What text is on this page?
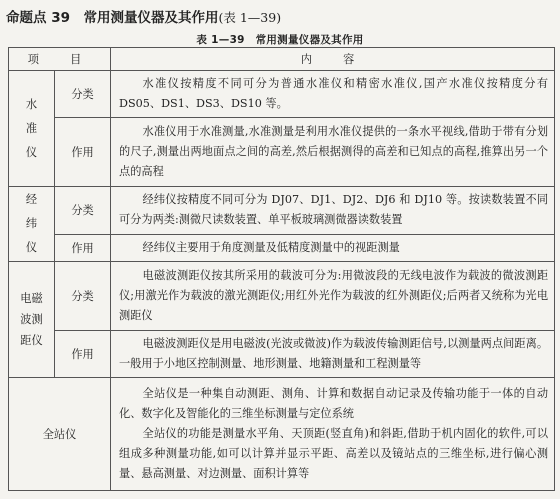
命题点 39　 常用测量仪器及其作用(表 1—39)
表 1—39　常用测量仪器及其作用
项　目		内　容

水
准
仪	分类	水准仪按精度不同可分为普通水准仪和精密水准仪,国产水准仪按精度分有 DS05、DS1、DS3、DS10 等。
	作用	水准仪用于水准测量,水准测量是利用水准仪提供的一条水平视线,借助于带有分划的尺子,测量出两地面点之间的高差,然后根据测得的高差和已知点的高程,推算出另一个点的高程

经
纬
仪	分类	经纬仪按精度不同可分为 DJ07、DJ1、DJ2、DJ6 和 DJ10 等。按读数装置不同可分为两类:测微尺读数装置、单平板玻璃测微器读数装置
	作用	经纬仪主要用于角度测量及低精度测量中的视距测量

电磁
波测
距仪	分类	电磁波测距仪按其所采用的载波可分为:用微波段的无线电波作为载波的微波测距仪;用激光作为载波的激光测距仪;用红外光作为载波的红外测距仪;后两者又统称为光电测距仪
	作用	电磁波测距仪是用电磁波(光波或微波)作为载波传输测距信号,以测量两点间距离。一般用于小地区控制测量、地形测量、地籍测量和工程测量等
全站仪		全站仪是一种集自动测距、测角、计算和数据自动记录及传输功能于一体的自动化、数字化及智能化的三维坐标测量与定位系统
全站仪的功能是测量水平角、天顶距(竖直角)和斜距,借助于机内固化的软件,可以组成多种测量功能,如可以计算并显示平距、高差以及镜站点的三维坐标,进行偏心测量、悬高测量、对边测量、面积计算等
